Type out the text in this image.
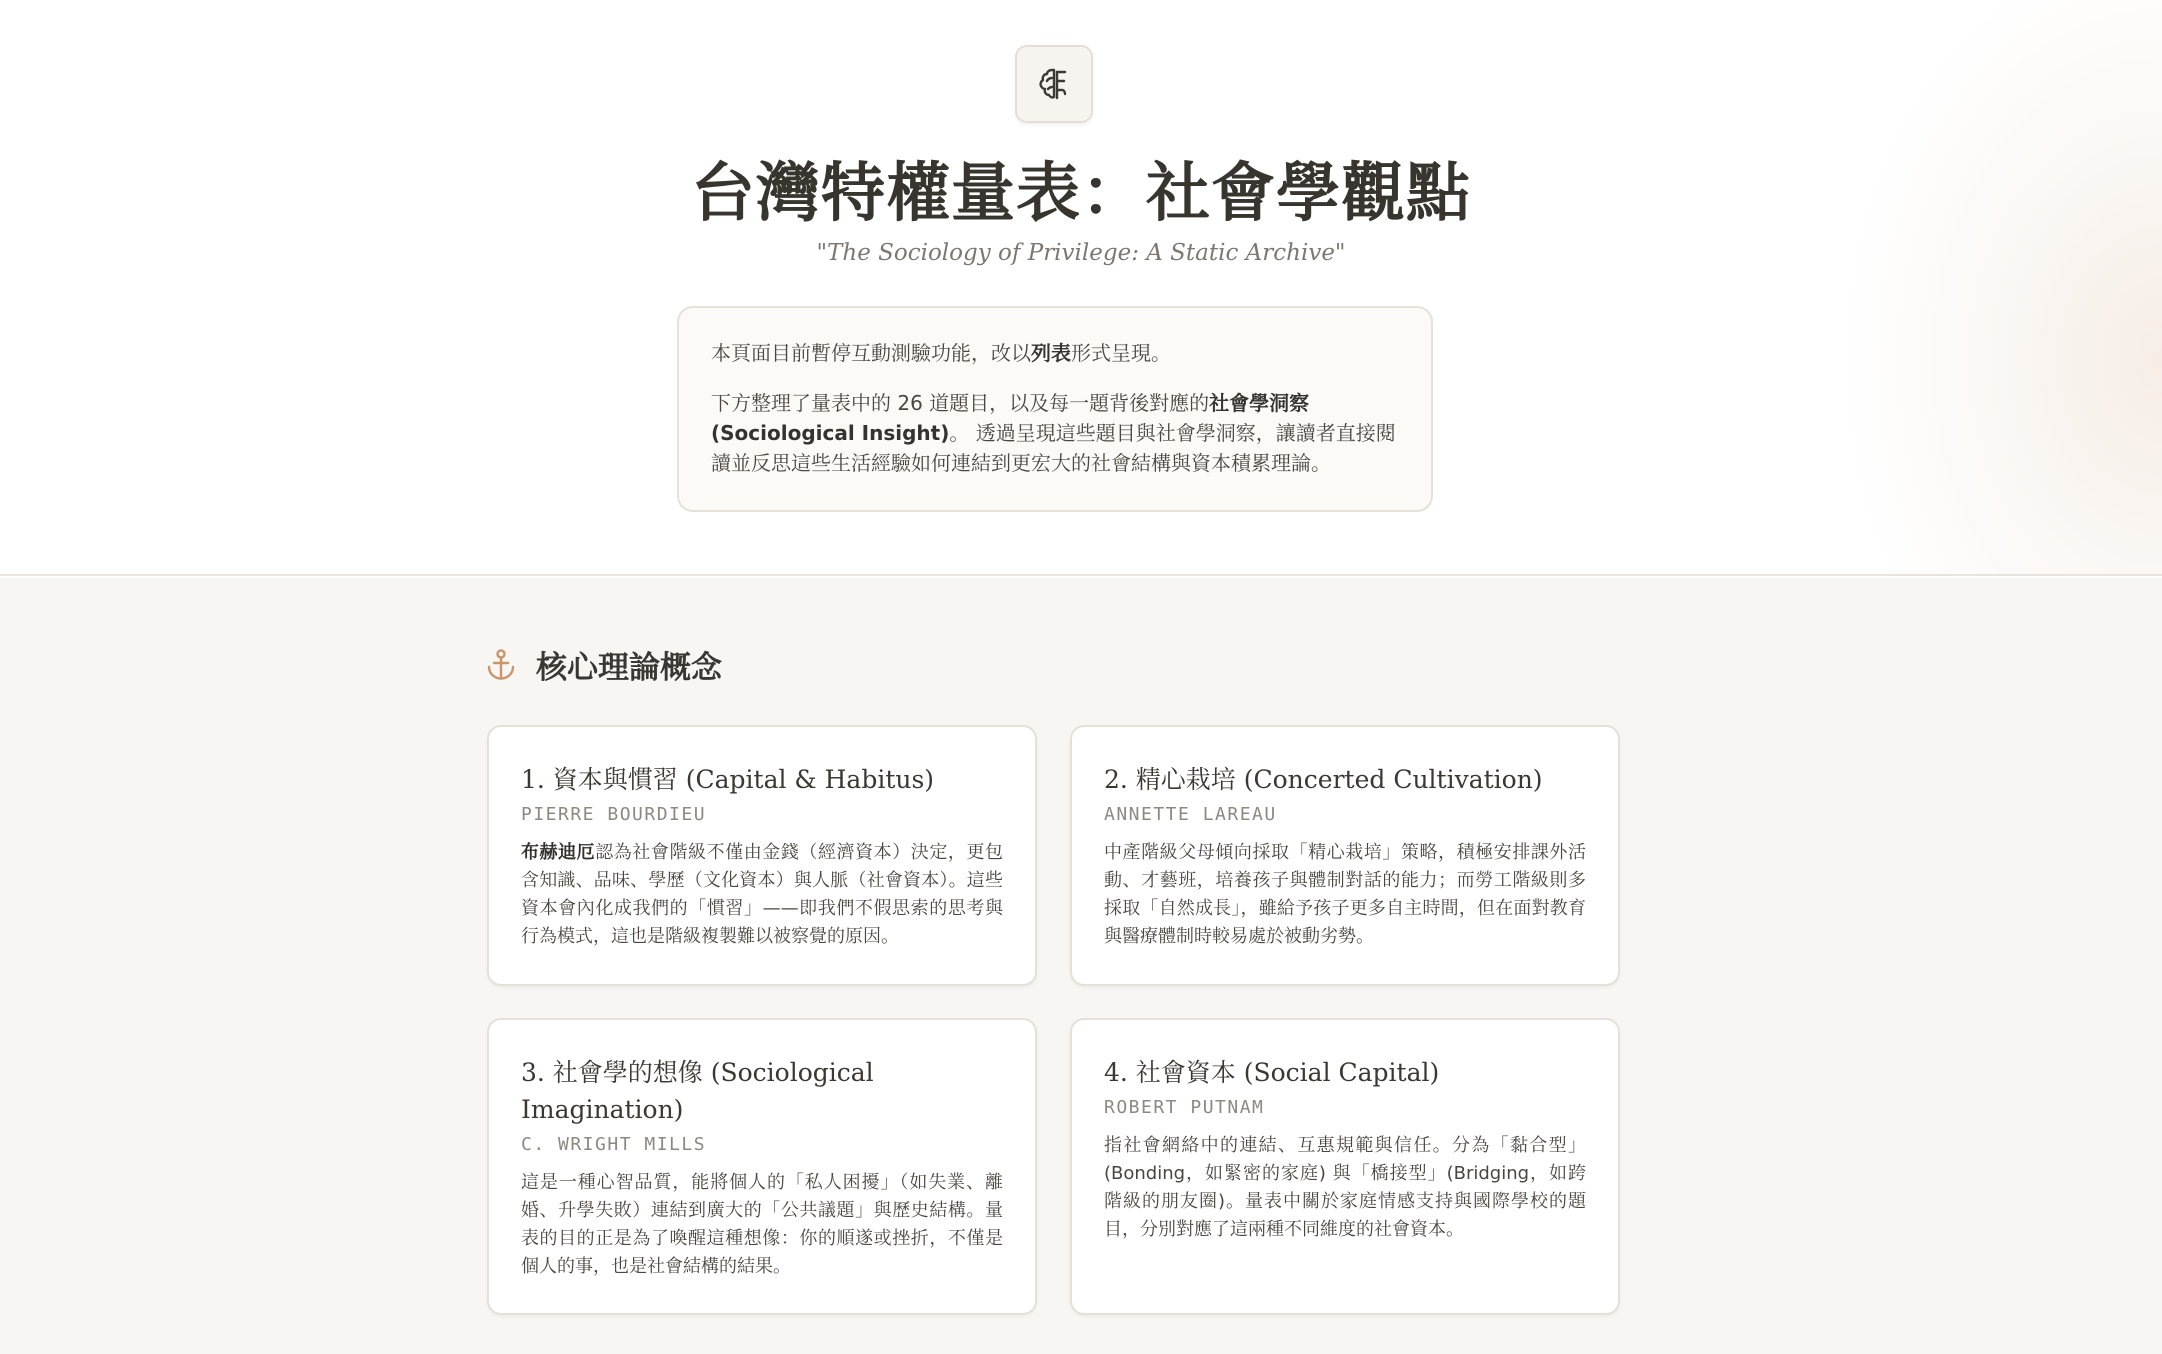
台灣特權量表：社會學觀點
"The Sociology of Privilege: A Static Archive"

本頁面目前暫停互動測驗功能，改以列表形式呈現。

下方整理了量表中的 26 道題目，以及每一題背後對應的社會學洞察 (Sociological Insight)。 透過呈現這些題目與社會學洞察，讓讀者直接閱讀並反思這些生活經驗如何連結到更宏大的社會結構與資本積累理論。

核心理論概念
1. 資本與慣習 (Capital & Habitus)
PIERRE BOURDIEU
布赫迪厄認為社會階級不僅由金錢（經濟資本）決定，更包含知識、品味、學歷（文化資本）與人脈（社會資本）。這些資本會內化成我們的「慣習」——即我們不假思索的思考與行為模式，這也是階級複製難以被察覺的原因。
2. 精心栽培 (Concerted Cultivation)
ANNETTE LAREAU
中產階級父母傾向採取「精心栽培」策略，積極安排課外活動、才藝班，培養孩子與體制對話的能力；而勞工階級則多採取「自然成長」，雖給予孩子更多自主時間，但在面對教育與醫療體制時較易處於被動劣勢。
3. 社會學的想像 (Sociological Imagination)
C. WRIGHT MILLS
這是一種心智品質，能將個人的「私人困擾」（如失業、離婚、升學失敗）連結到廣大的「公共議題」與歷史結構。量表的目的正是為了喚醒這種想像：你的順遂或挫折，不僅是個人的事，也是社會結構的結果。
4. 社會資本 (Social Capital)
ROBERT PUTNAM
指社會網絡中的連結、互惠規範與信任。分為「黏合型」(Bonding，如緊密的家庭) 與「橋接型」(Bridging，如跨階級的朋友圈)。量表中關於家庭情感支持與國際學校的題目，分別對應了這兩種不同維度的社會資本。
